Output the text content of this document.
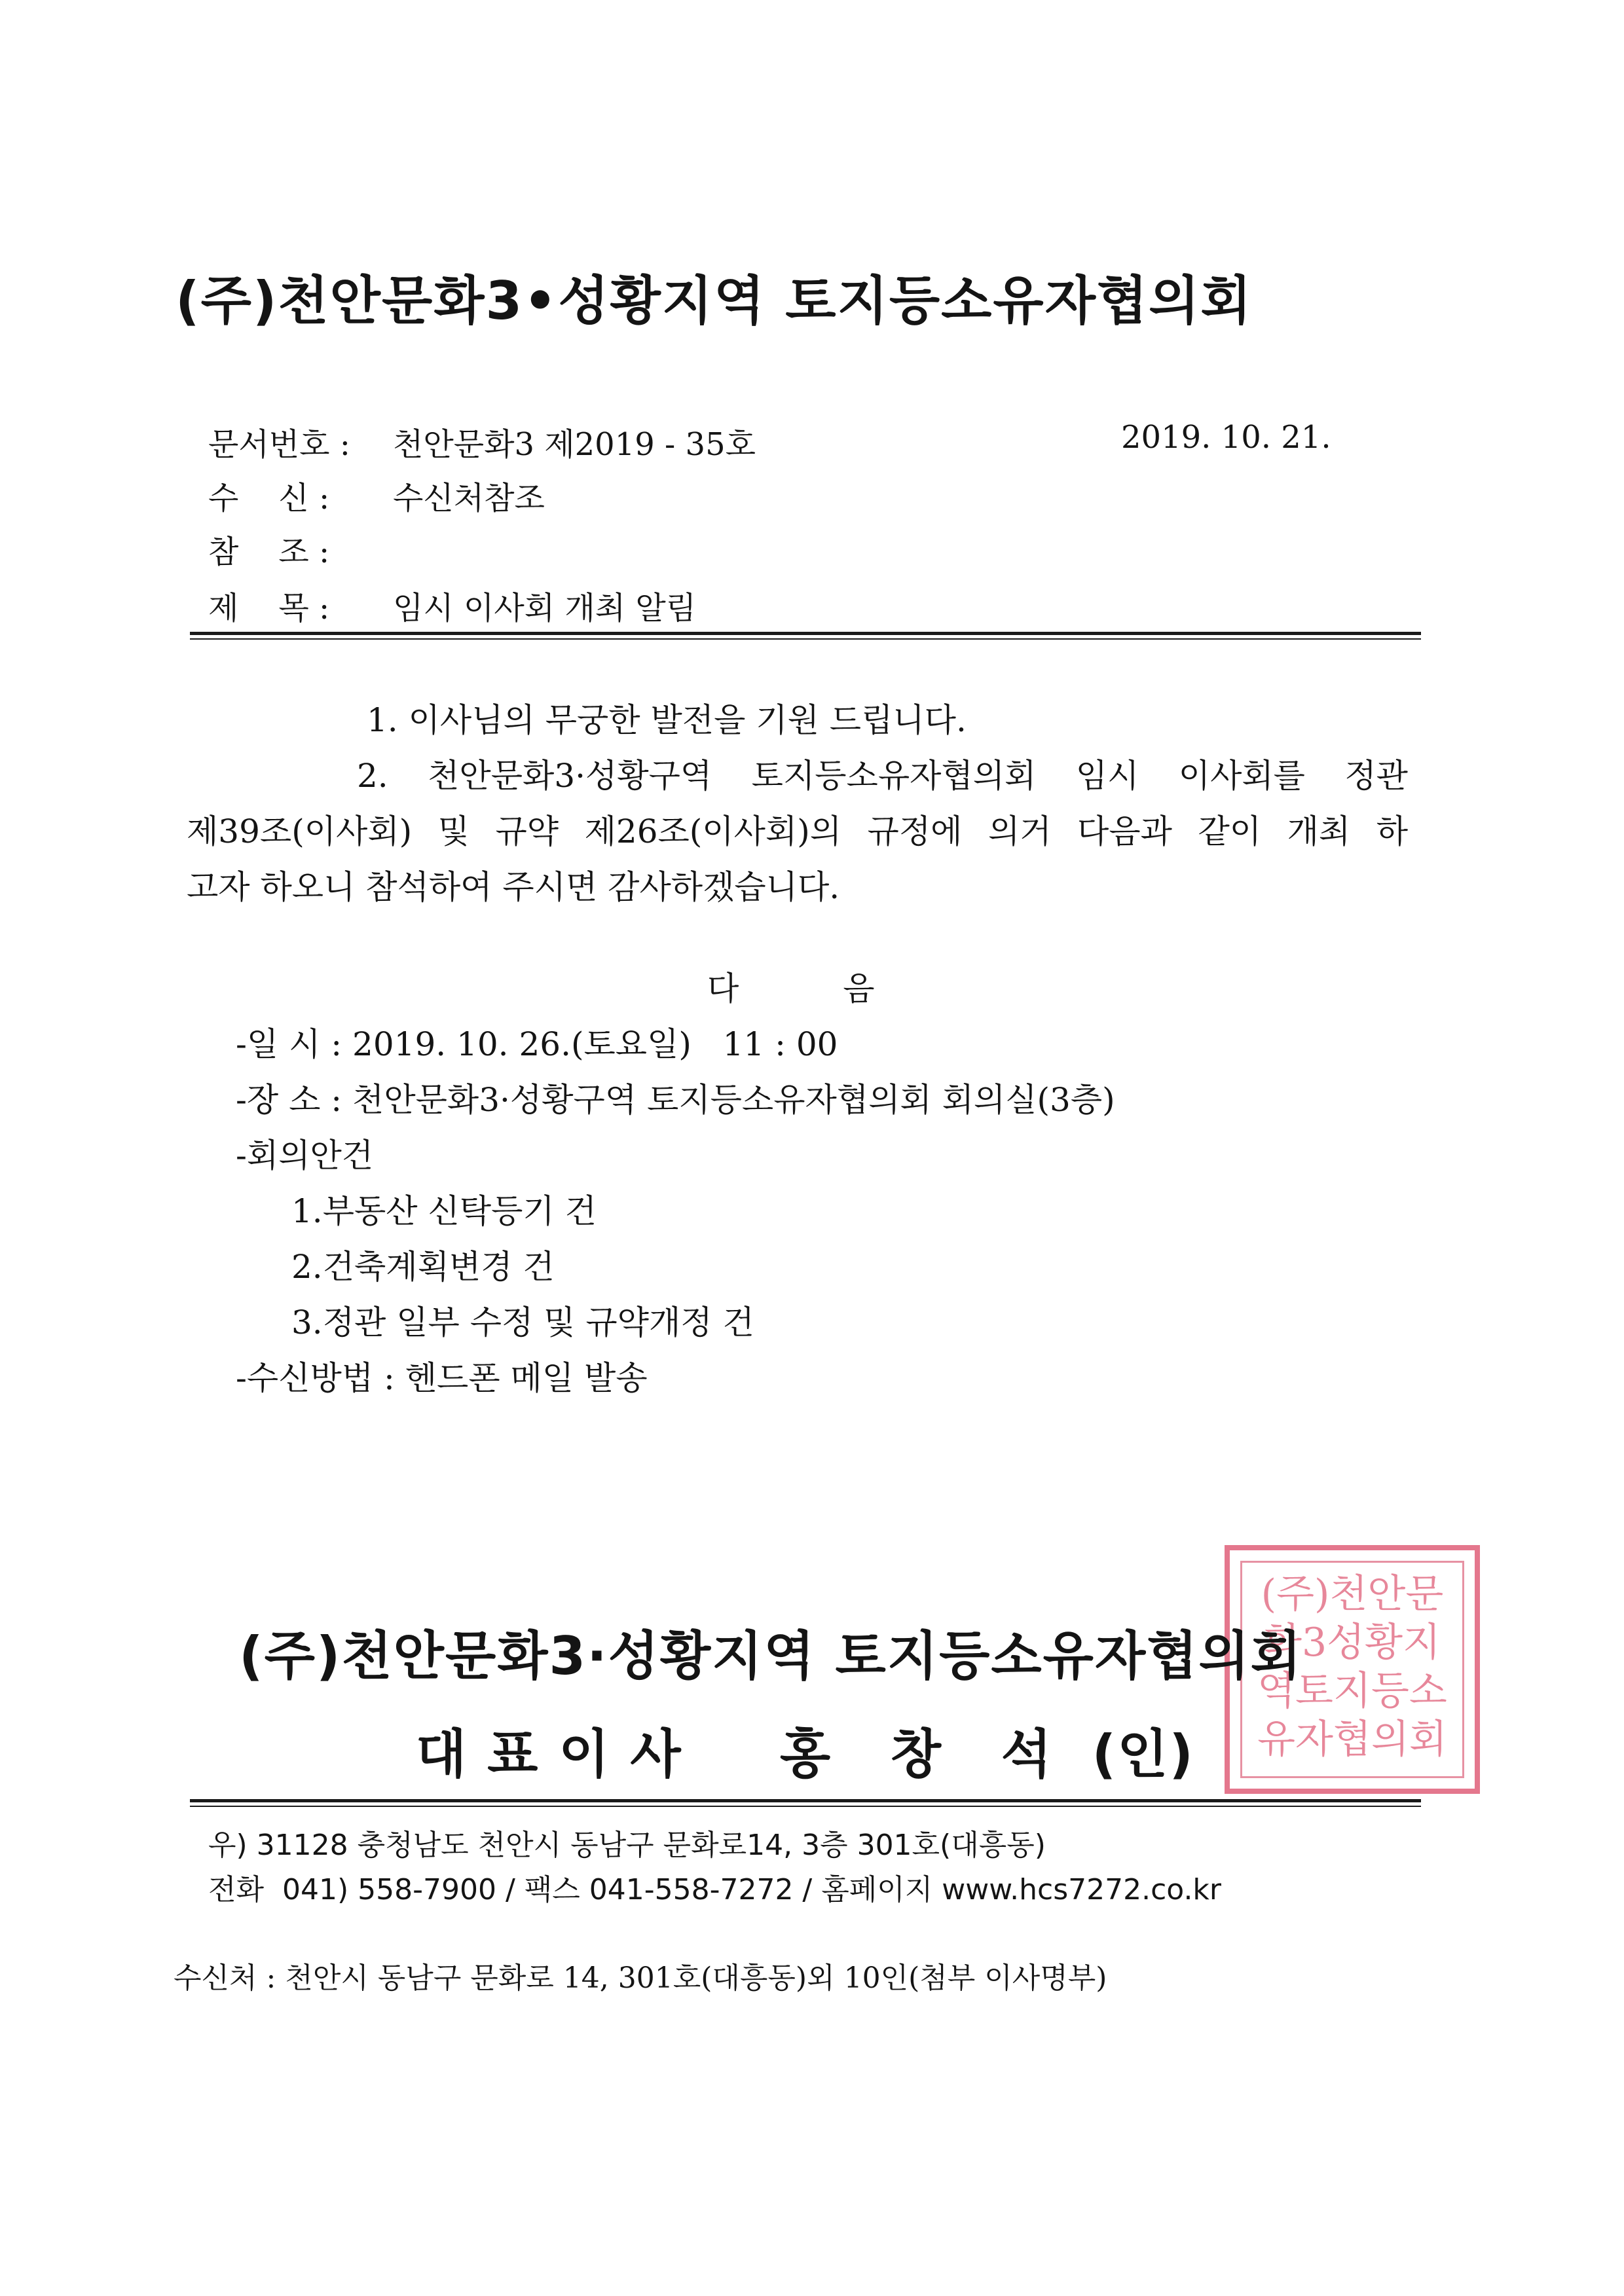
(주)천안문화3•성황지역 토지등소유자협의회
문서번호 : 천안문화3 제2019 - 35호	2019. 10. 21.
수    신 : 수신처참조
참    조 :
제    목 : 임시 이사회 개최 알림
1. 이사님의 무궁한 발전을 기원 드립니다.
2. 천안문화3·성황구역 토지등소유자협의회 임시 이사회를 정관
제39조(이사회) 및 규약 제26조(이사회)의 규정에 의거 다음과 같이 개최 하
고자 하오니 참석하여 주시면 감사하겠습니다.
다          음
-일 시 : 2019. 10. 26.(토요일)   11 : 00
-장 소 : 천안문화3·성황구역 토지등소유자협의회 회의실(3층)
-회의안건
1.부동산 신탁등기 건
2.건축계획변경 건
3.정관 일부 수정 및 규약개정 건
-수신방법 : 헨드폰 메일 발송
(주)천안문화3성황지역토지등소유자협의회
(주)천안문화3·성황지역 토지등소유자협의회
대 표 이 사     홍   창   석  (인)
우) 31128 충청남도 천안시 동남구 문화로14, 3층 301호(대흥동)
전화  041) 558-7900 / 팩스 041-558-7272 / 홈페이지 www.hcs7272.co.kr
수신처 : 천안시 동남구 문화로 14, 301호(대흥동)외 10인(첨부 이사명부)
